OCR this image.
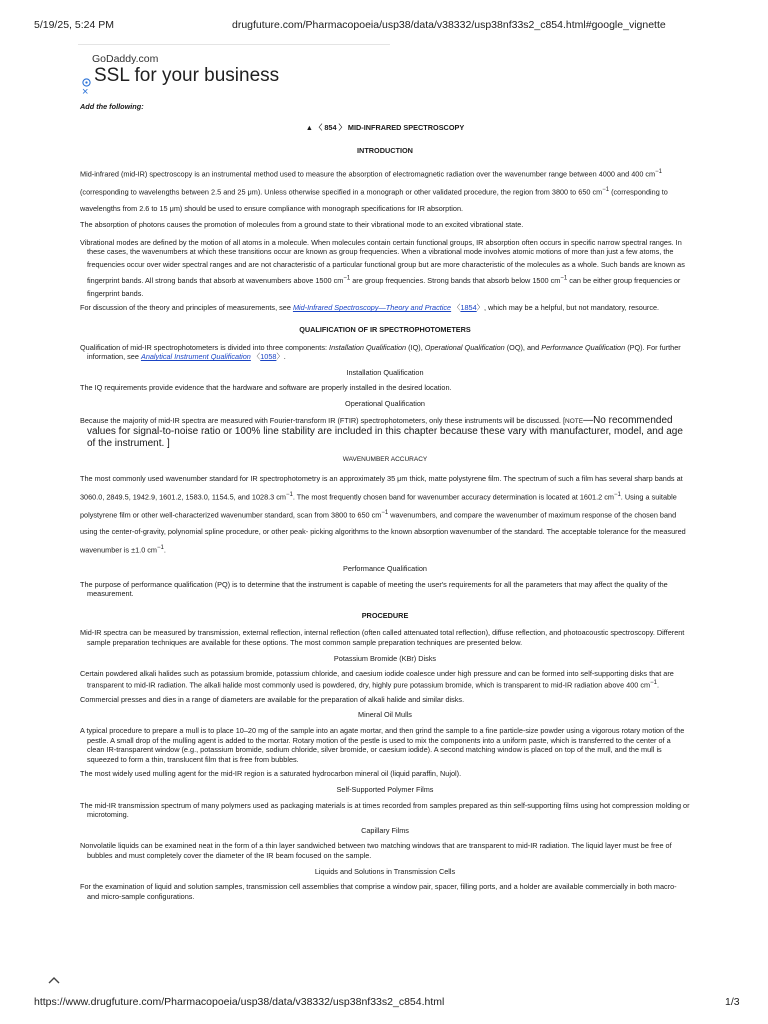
5/19/25, 5:24 PM	drugfuture.com/Pharmacopoeia/usp38/data/v38332/usp38nf33s2_c854.html#google_vignette
GoDaddy.com
SSL for your business
×

Add the following:

▲ 〈 854 〉 MID-INFRARED SPECTROSCOPY

INTRODUCTION

Mid-infrared (mid-IR) spectroscopy is an instrumental method used to measure the absorption of electromagnetic radiation over the wavenumber range between 4000 and 400 $cm^{-1}$ (corresponding to wavelengths between 2.5 and 25 μm). Unless otherwise specified in a monograph or other validated procedure, the region from 3800 to 650 $cm^{-1}$ (corresponding to wavelengths from 2.6 to 15 μm) should be used to ensure compliance with monograph specifications for IR absorption.
The absorption of photons causes the promotion of molecules from a ground state to their vibrational mode to an excited vibrational state.

Vibrational modes are defined by the motion of all atoms in a molecule. When molecules contain certain functional groups, IR absorption often occurs in specific narrow spectral ranges. In these cases, the wavenumbers at which these transitions occur are known as group frequencies. When a vibrational mode involves atomic motions of more than just a few atoms, the frequencies occur over wider spectral ranges and are not characteristic of a particular functional group but are more characteristic of the molecules as a whole. Such bands are known as fingerprint bands. All strong bands that absorb at wavenumbers above 1500 $cm^{-1}$ are group frequencies. Strong bands that absorb below 1500 $cm^{-1}$ can be either group frequencies or fingerprint bands.

For discussion of the theory and principles of measurements, see Mid-Infrared Spectroscopy—Theory and Practice 〈1854〉, which may be a helpful, but not mandatory, resource.

QUALIFICATION OF IR SPECTROPHOTOMETERS

Qualification of mid-IR spectrophotometers is divided into three components: Installation Qualification (IQ), Operational Qualification (OQ), and Performance Qualification (PQ). For further information, see Analytical Instrument Qualification 〈1058〉.

Installation Qualification

The IQ requirements provide evidence that the hardware and software are properly installed in the desired location.

Operational Qualification

Because the majority of mid-IR spectra are measured with Fourier-transform IR (FTIR) spectrophotometers, only these instruments will be discussed. [NOTE—No recommended values for signal-to-noise ratio or 100% line stability are included in this chapter because these vary with manufacturer, model, and age of the instrument. ]

WAVENUMBER ACCURACY

The most commonly used wavenumber standard for IR spectrophotometry is an approximately 35 μm thick, matte polystyrene film. The spectrum of such a film has several sharp bands at 3060.0, 2849.5, 1942.9, 1601.2, 1583.0, 1154.5, and 1028.3 $cm^{-1}$. The most frequently chosen band for wavenumber accuracy determination is located at 1601.2 $cm^{-1}$. Using a suitable polystyrene film or other well-characterized wavenumber standard, scan from 3800 to 650 $cm^{-1}$ wavenumbers, and compare the wavenumber of maximum response of the chosen band using the center-of-gravity, polynomial spline procedure, or other peak- picking algorithms to the known absorption wavenumber of the standard. The acceptable tolerance for the measured wavenumber is ±1.0 $cm^{-1}$.

Performance Qualification

The purpose of performance qualification (PQ) is to determine that the instrument is capable of meeting the user's requirements for all the parameters that may affect the quality of the measurement.

PROCEDURE

Mid-IR spectra can be measured by transmission, external reflection, internal reflection (often called attenuated total reflection), diffuse reflection, and photoacoustic spectroscopy. Different sample preparation techniques are available for these options. The most common sample preparation techniques are presented below.

Potassium Bromide (KBr) Disks

Certain powdered alkali halides such as potassium bromide, potassium chloride, and caesium iodide coalesce under high pressure and can be formed into self-supporting disks that are transparent to mid-IR radiation. The alkali halide most commonly used is powdered, dry, highly pure potassium bromide, which is transparent to mid-IR radiation above 400 $cm^{-1}$.

Commercial presses and dies in a range of diameters are available for the preparation of alkali halide and similar disks.

Mineral Oil Mulls

A typical procedure to prepare a mull is to place 10–20 mg of the sample into an agate mortar, and then grind the sample to a fine particle-size powder using a vigorous rotary motion of the pestle. A small drop of the mulling agent is added to the mortar. Rotary motion of the pestle is used to mix the components into a uniform paste, which is transferred to the center of a clean IR-transparent window (e.g., potassium bromide, sodium chloride, silver bromide, or caesium iodide). A second matching window is placed on top of the mull, and the mull is squeezed to form a thin, translucent film that is free from bubbles.

The most widely used mulling agent for the mid-IR region is a saturated hydrocarbon mineral oil (liquid paraffin, Nujol).

Self-Supported Polymer Films

The mid-IR transmission spectrum of many polymers used as packaging materials is at times recorded from samples prepared as thin self-supporting films using hot compression molding or microtoming.

Capillary Films

Nonvolatile liquids can be examined neat in the form of a thin layer sandwiched between two matching windows that are transparent to mid-IR radiation. The liquid layer must be free of bubbles and must completely cover the diameter of the IR beam focused on the sample.

Liquids and Solutions in Transmission Cells

For the examination of liquid and solution samples, transmission cell assemblies that comprise a window pair, spacer, filling ports, and a holder are available commercially in both macro- and micro-sample configurations.

https://www.drugfuture.com/Pharmacopoeia/usp38/data/v38332/usp38nf33s2_c854.html	1/3
